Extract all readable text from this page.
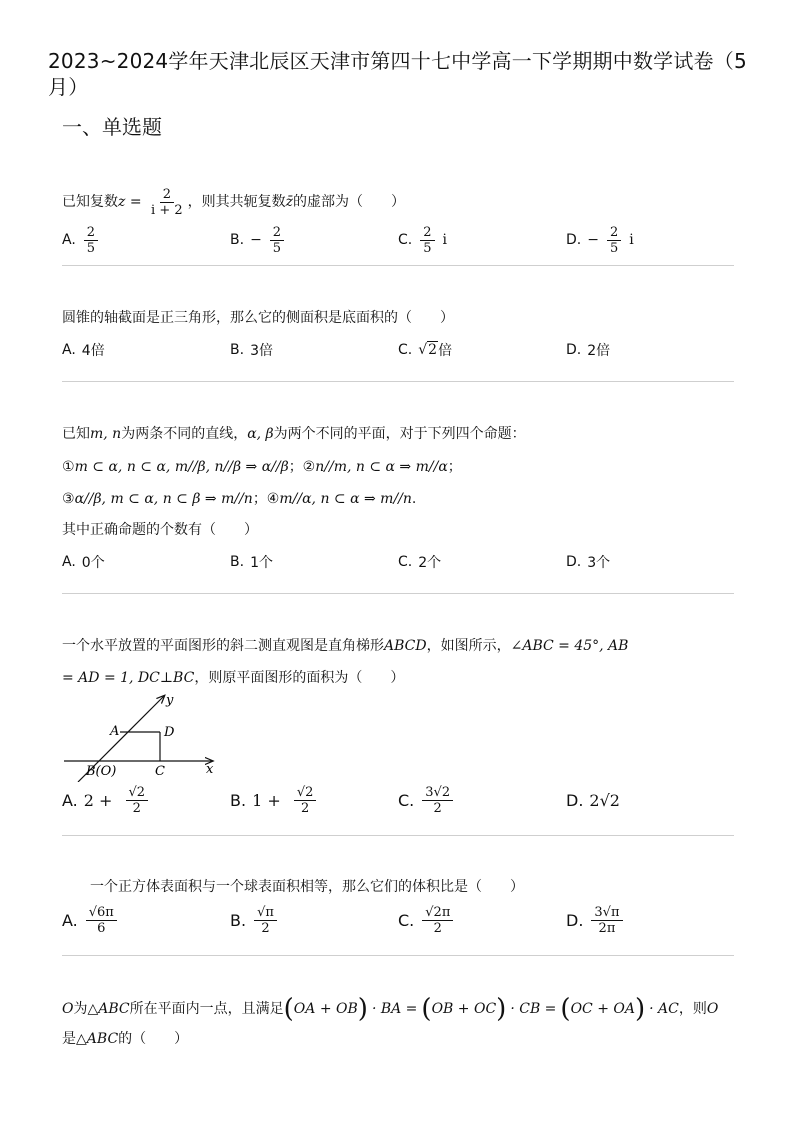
2023~2024学年天津北辰区天津市第四十七中学高一下学期期中数学试卷（5月）
一、单选题
已知复数 $z = \frac{2}{i + 2}$ ，则其共轭复数 z̄ 的虚部为（　　）
A. $\frac{2}{5}$	B. − $\frac{2}{5}$	C. $\frac{2}{5}$ i	D. − $\frac{2}{5}$ i
圆锥的轴截面是正三角形，那么它的侧面积是底面积的（　　）
A. 4倍	B. 3倍	C. √2 倍	D. 2倍
已知m, n为两条不同的直线，α, β为两个不同的平面，对于下列四个命题：
①m ⊂ α, n ⊂ α, m//β, n//β ⇒ α//β；②n//m, n ⊂ α ⇒ m//α；
③α//β, m ⊂ α, n ⊂ β ⇒ m//n；④m//α, n ⊂ α ⇒ m//n.
其中正确命题的个数有（　　）
A. 0个	B. 1个	C. 2个	D. 3个
一个水平放置的平面图形的斜二测直观图是直角梯形ABCD，如图所示，∠ABC = 45°, AB
= AD = 1, DC⊥BC，则原平面图形的面积为（　　）
y
x
A	D
B(O)	C
A. $2 + \frac{√2}{2}$	B. $1 + \frac{√2}{2}$	C. $\frac{3√2}{2}$	D. 2√2
一个正方体表面积与一个球表面积相等，那么它们的体积比是（　　）
A. $\frac{√6\pi}{6}$	B. $\frac{√\pi}{2}$	C. $\frac{√2\pi}{2}$	D. $\frac{3√\pi}{2\pi}$
O 为△ ABC 所在平面内一点，且满足 ( OA + OB ) · BA = ( OB + OC ) · CB = ( OC + OA ) · AC ，则 O
是△ABC的（　　）
